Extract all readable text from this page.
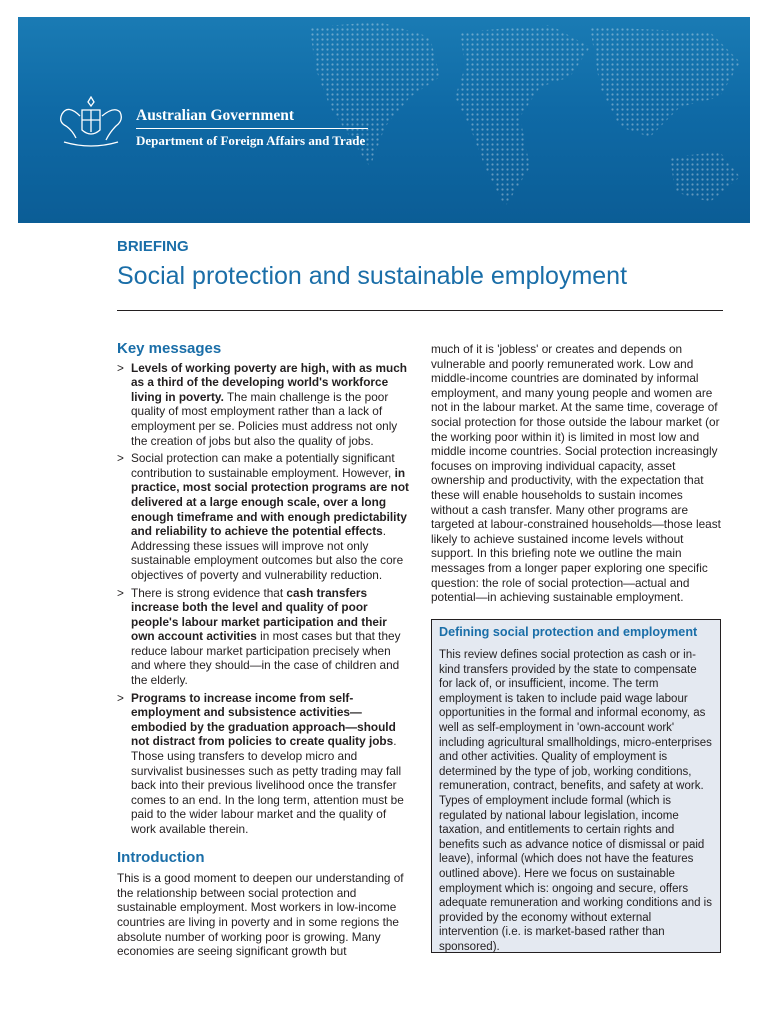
Australian Government
Department of Foreign Affairs and Trade
BRIEFING
Social protection and sustainable employment
Key messages
> Levels of working poverty are high, with as much as a third of the developing world's workforce living in poverty. The main challenge is the poor quality of most employment rather than a lack of employment per se. Policies must address not only the creation of jobs but also the quality of jobs.
> Social protection can make a potentially significant contribution to sustainable employment. However, in practice, most social protection programs are not delivered at a large enough scale, over a long enough timeframe and with enough predictability and reliability to achieve the potential effects. Addressing these issues will improve not only sustainable employment outcomes but also the core objectives of poverty and vulnerability reduction.
> There is strong evidence that cash transfers increase both the level and quality of poor people's labour market participation and their own account activities in most cases but that they reduce labour market participation precisely when and where they should—in the case of children and the elderly.
> Programs to increase income from self-employment and subsistence activities—embodied by the graduation approach—should not distract from policies to create quality jobs. Those using transfers to develop micro and survivalist businesses such as petty trading may fall back into their previous livelihood once the transfer comes to an end. In the long term, attention must be paid to the wider labour market and the quality of work available therein.
Introduction

This is a good moment to deepen our understanding of the relationship between social protection and sustainable employment. Most workers in low-income countries are living in poverty and in some regions the absolute number of working poor is growing. Many economies are seeing significant growth but

much of it is 'jobless' or creates and depends on vulnerable and poorly remunerated work. Low and middle-income countries are dominated by informal employment, and many young people and women are not in the labour market. At the same time, coverage of social protection for those outside the labour market (or the working poor within it) is limited in most low and middle income countries. Social protection increasingly focuses on improving individual capacity, asset ownership and productivity, with the expectation that these will enable households to sustain incomes without a cash transfer. Many other programs are targeted at labour-constrained households—those least likely to achieve sustained income levels without support. In this briefing note we outline the main messages from a longer paper exploring one specific question: the role of social protection—actual and potential—in achieving sustainable employment.

Defining social protection and employment
This review defines social protection as cash or in-kind transfers provided by the state to compensate for lack of, or insufficient, income. The term employment is taken to include paid wage labour opportunities in the formal and informal economy, as well as self-employment in 'own-account work' including agricultural smallholdings, micro-enterprises and other activities. Quality of employment is determined by the type of job, working conditions, remuneration, contract, benefits, and safety at work. Types of employment include formal (which is regulated by national labour legislation, income taxation, and entitlements to certain rights and benefits such as advance notice of dismissal or paid leave), informal (which does not have the features outlined above). Here we focus on sustainable employment which is: ongoing and secure, offers adequate remuneration and working conditions and is provided by the economy without external intervention (i.e. is market-based rather than sponsored).
